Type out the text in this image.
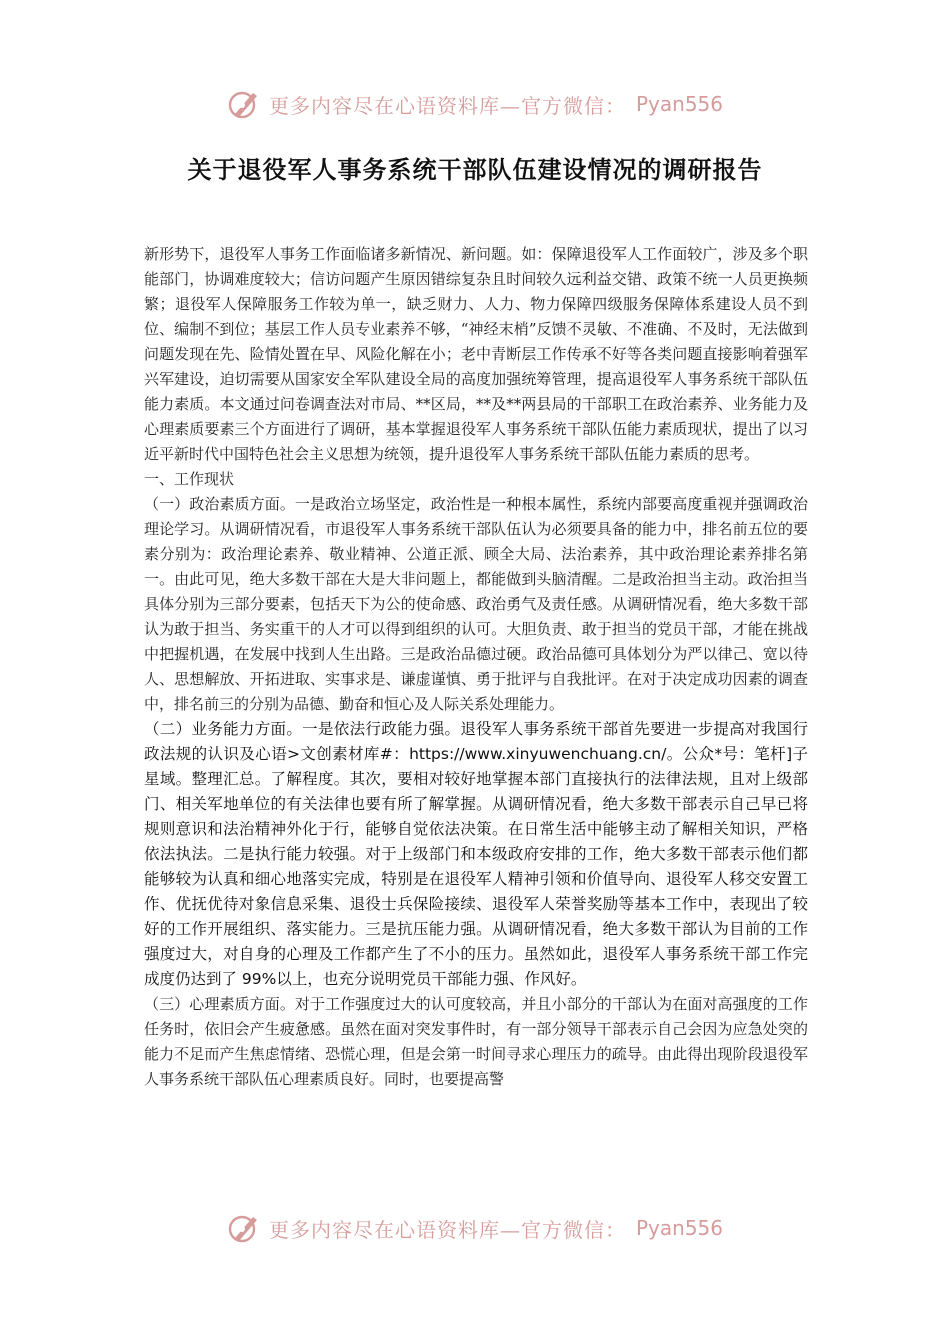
更多内容尽在心语资料库—官方微信： Pyan556
关于退役军人事务系统干部队伍建设情况的调研报告

新形势下，退役军人事务工作面临诸多新情况、新问题。如：保障退役军人工作面较广，涉及多个职能部门，协调难度较大；信访问题产生原因错综复杂且时间较久远利益交错、政策不统一人员更换频繁；退役军人保障服务工作较为单一，缺乏财力、人力、物力保障四级服务保障体系建设人员不到位、编制不到位；基层工作人员专业素养不够，“神经末梢”反馈不灵敏、不准确、不及时，无法做到问题发现在先、险情处置在早、风险化解在小；老中青断层工作传承不好等各类问题直接影响着强军兴军建设，迫切需要从国家安全军队建设全局的高度加强统筹管理，提高退役军人事务系统干部队伍能力素质。本文通过问卷调查法对市局、**区局，**及**两县局的干部职工在政治素养、业务能力及心理素质要素三个方面进行了调研，基本掌握退役军人事务系统干部队伍能力素质现状，提出了以习近平新时代中国特色社会主义思想为统领，提升退役军人事务系统干部队伍能力素质的思考。

一、工作现状

（一）政治素质方面。一是政治立场坚定，政治性是一种根本属性，系统内部要高度重视并强调政治理论学习。从调研情况看，市退役军人事务系统干部队伍认为必须要具备的能力中，排名前五位的要素分别为：政治理论素养、敬业精神、公道正派、顾全大局、法治素养，其中政治理论素养排名第一。由此可见，绝大多数干部在大是大非问题上，都能做到头脑清醒。二是政治担当主动。政治担当具体分别为三部分要素，包括天下为公的使命感、政治勇气及责任感。从调研情况看，绝大多数干部认为敢于担当、务实重干的人才可以得到组织的认可。大胆负责、敢于担当的党员干部，才能在挑战中把握机遇，在发展中找到人生出路。三是政治品德过硬。政治品德可具体划分为严以律己、宽以待人、思想解放、开拓进取、实事求是、谦虚谨慎、勇于批评与自我批评。在对于决定成功因素的调查中，排名前三的分别为品德、勤奋和恒心及人际关系处理能力。

（二）业务能力方面。一是依法行政能力强。退役军人事务系统干部首先要进一步提高对我国行政法规的认识及心语>文创素材库#：https://www.xinyuwenchuang.cn/。公众*号：笔杆]子星域。整理汇总。了解程度。其次，要相对较好地掌握本部门直接执行的法律法规，且对上级部门、相关军地单位的有关法律也要有所了解掌握。从调研情况看，绝大多数干部表示自己早已将规则意识和法治精神外化于行，能够自觉依法决策。在日常生活中能够主动了解相关知识，严格依法执法。二是执行能力较强。对于上级部门和本级政府安排的工作，绝大多数干部表示他们都能够较为认真和细心地落实完成，特别是在退役军人精神引领和价值导向、退役军人移交安置工作、优抚优待对象信息采集、退役士兵保险接续、退役军人荣誉奖励等基本工作中，表现出了较好的工作开展组织、落实能力。三是抗压能力强。从调研情况看，绝大多数干部认为目前的工作强度过大，对自身的心理及工作都产生了不小的压力。虽然如此，退役军人事务系统干部工作完成度仍达到了 99%以上，也充分说明党员干部能力强、作风好。

（三）心理素质方面。对于工作强度过大的认可度较高，并且小部分的干部认为在面对高强度的工作任务时，依旧会产生疲惫感。虽然在面对突发事件时，有一部分领导干部表示自己会因为应急处突的能力不足而产生焦虑情绪、恐慌心理，但是会第一时间寻求心理压力的疏导。由此得出现阶段退役军人事务系统干部队伍心理素质良好。同时，也要提高警

更多内容尽在心语资料库—官方微信： Pyan556
